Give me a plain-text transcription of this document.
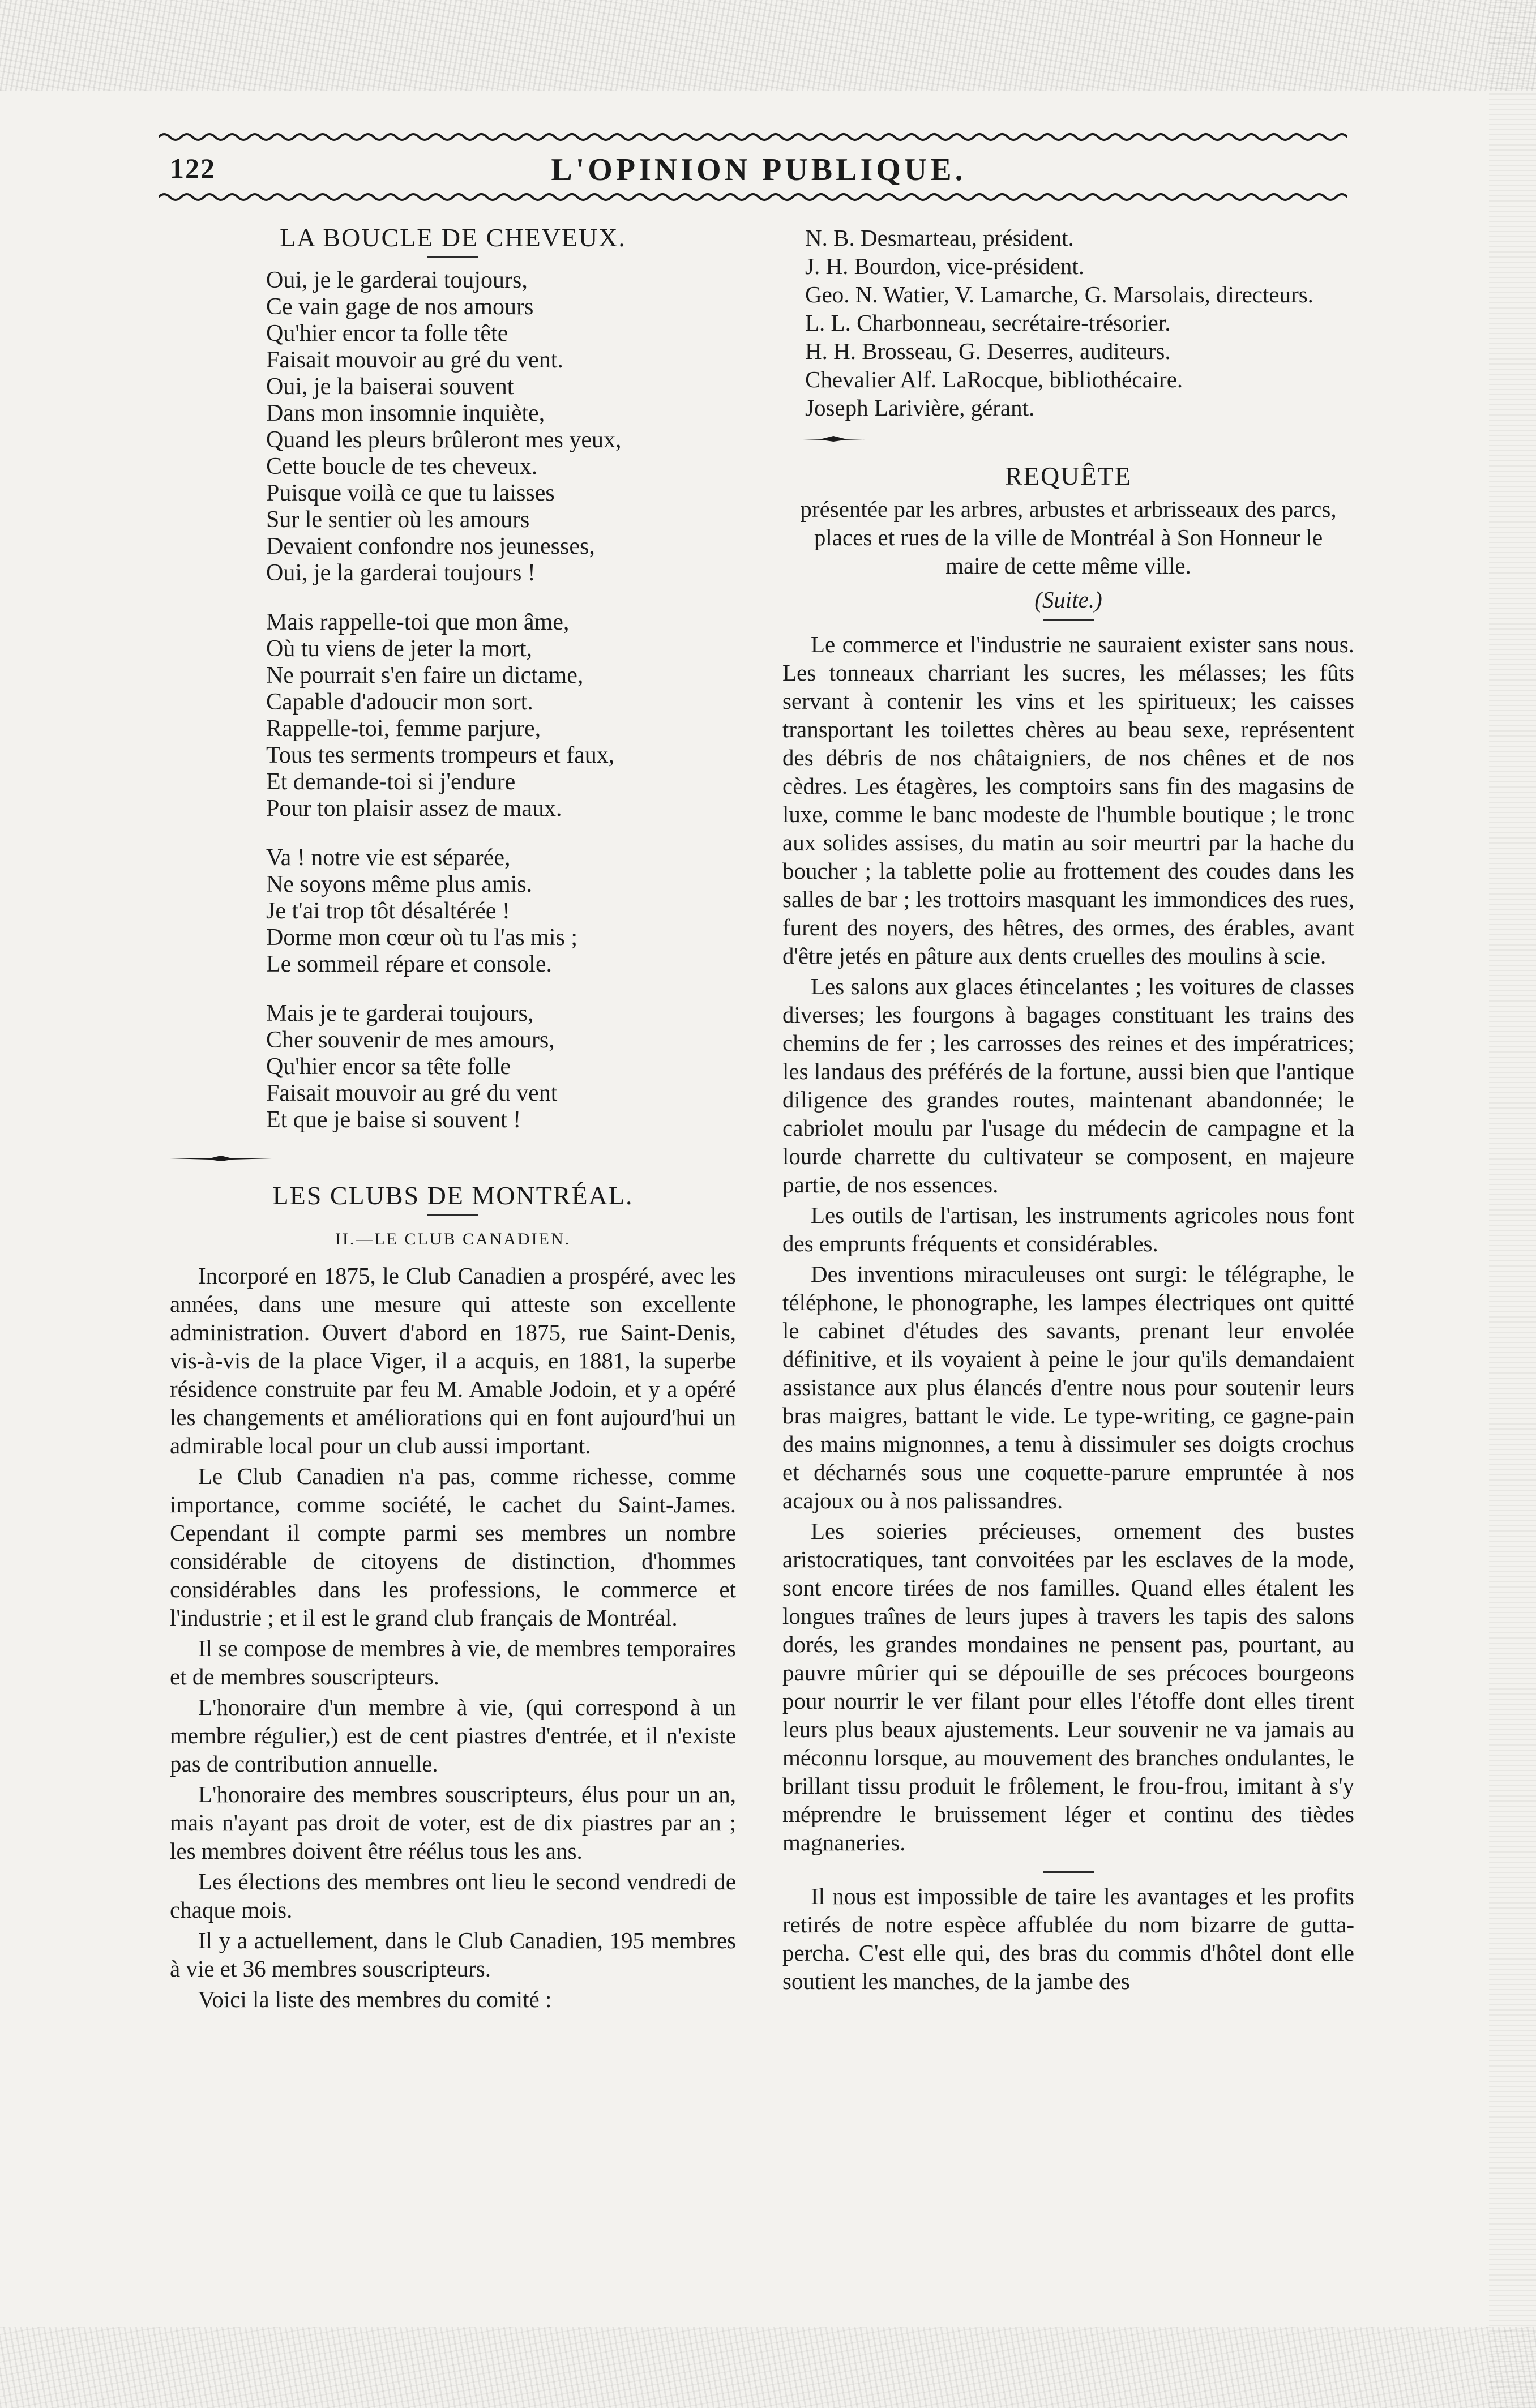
122	L'OPINION PUBLIQUE.
LA BOUCLE DE CHEVEUX.
Oui, je le garderai toujours,
Ce vain gage de nos amours
Qu'hier encor ta folle tête
Faisait mouvoir au gré du vent.
Oui, je la baiserai souvent
Dans mon insomnie inquiète,
Quand les pleurs brûleront mes yeux,
Cette boucle de tes cheveux.
Puisque voilà ce que tu laisses
Sur le sentier où les amours
Devaient confondre nos jeunesses,
Oui, je la garderai toujours !
Mais rappelle-toi que mon âme,
Où tu viens de jeter la mort,
Ne pourrait s'en faire un dictame,
Capable d'adoucir mon sort.
Rappelle-toi, femme parjure,
Tous tes serments trompeurs et faux,
Et demande-toi si j'endure
Pour ton plaisir assez de maux.
Va ! notre vie est séparée,
Ne soyons même plus amis.
Je t'ai trop tôt désaltérée !
Dorme mon cœur où tu l'as mis ;
Le sommeil répare et console.
Mais je te garderai toujours,
Cher souvenir de mes amours,
Qu'hier encor sa tête folle
Faisait mouvoir au gré du vent
Et que je baise si souvent !
LES CLUBS DE MONTRÉAL.
II.—LE CLUB CANADIEN.

Incorporé en 1875, le Club Canadien a prospéré, avec les années, dans une mesure qui atteste son excellente administration. Ouvert d'abord en 1875, rue Saint-Denis, vis-à-vis de la place Viger, il a acquis, en 1881, la superbe résidence construite par feu M. Amable Jodoin, et y a opéré les changements et améliorations qui en font aujourd'hui un admirable local pour un club aussi important.

Le Club Canadien n'a pas, comme richesse, comme importance, comme société, le cachet du Saint-James. Cependant il compte parmi ses membres un nombre considérable de citoyens de distinction, d'hommes considérables dans les professions, le commerce et l'industrie ; et il est le grand club français de Montréal.

Il se compose de membres à vie, de membres temporaires et de membres souscripteurs.

L'honoraire d'un membre à vie, (qui correspond à un membre régulier,) est de cent piastres d'entrée, et il n'existe pas de contribution annuelle.

L'honoraire des membres souscripteurs, élus pour un an, mais n'ayant pas droit de voter, est de dix piastres par an ; les membres doivent être réélus tous les ans.

Les élections des membres ont lieu le second vendredi de chaque mois.

Il y a actuellement, dans le Club Canadien, 195 membres à vie et 36 membres souscripteurs.

Voici la liste des membres du comité :

N. B. Desmarteau, président.
J. H. Bourdon, vice-président.
Geo. N. Watier, V. Lamarche, G. Marsolais, directeurs.
L. L. Charbonneau, secrétaire-trésorier.
H. H. Brosseau, G. Deserres, auditeurs.
Chevalier Alf. LaRocque, bibliothécaire.
Joseph Larivière, gérant.
REQUÊTE
présentée par les arbres, arbustes et arbrisseaux des parcs, places et rues de la ville de Montréal à Son Honneur le maire de cette même ville.
(Suite.)

Le commerce et l'industrie ne sauraient exister sans nous. Les tonneaux charriant les sucres, les mélasses; les fûts servant à contenir les vins et les spiritueux; les caisses transportant les toilettes chères au beau sexe, représentent des débris de nos châtaigniers, de nos chênes et de nos cèdres. Les étagères, les comptoirs sans fin des magasins de luxe, comme le banc modeste de l'humble boutique ; le tronc aux solides assises, du matin au soir meurtri par la hache du boucher ; la tablette polie au frottement des coudes dans les salles de bar ; les trottoirs masquant les immondices des rues, furent des noyers, des hêtres, des ormes, des érables, avant d'être jetés en pâture aux dents cruelles des moulins à scie.

Les salons aux glaces étincelantes ; les voitures de classes diverses; les fourgons à bagages constituant les trains des chemins de fer ; les carrosses des reines et des impératrices; les landaus des préférés de la fortune, aussi bien que l'antique diligence des grandes routes, maintenant abandonnée; le cabriolet moulu par l'usage du médecin de campagne et la lourde charrette du cultivateur se composent, en majeure partie, de nos essences.

Les outils de l'artisan, les instruments agricoles nous font des emprunts fréquents et considérables.

Des inventions miraculeuses ont surgi: le télégraphe, le téléphone, le phonographe, les lampes électriques ont quitté le cabinet d'études des savants, prenant leur envolée définitive, et ils voyaient à peine le jour qu'ils demandaient assistance aux plus élancés d'entre nous pour soutenir leurs bras maigres, battant le vide. Le type-writing, ce gagne-pain des mains mignonnes, a tenu à dissimuler ses doigts crochus et décharnés sous une coquette-parure empruntée à nos acajoux ou à nos palissandres.

Les soieries précieuses, ornement des bustes aristocratiques, tant convoitées par les esclaves de la mode, sont encore tirées de nos familles. Quand elles étalent les longues traînes de leurs jupes à travers les tapis des salons dorés, les grandes mondaines ne pensent pas, pourtant, au pauvre mûrier qui se dépouille de ses précoces bourgeons pour nourrir le ver filant pour elles l'étoffe dont elles tirent leurs plus beaux ajustements. Leur souvenir ne va jamais au méconnu lorsque, au mouvement des branches ondulantes, le brillant tissu produit le frôlement, le frou-frou, imitant à s'y méprendre le bruissement léger et continu des tièdes magnaneries.

Il nous est impossible de taire les avantages et les profits retirés de notre espèce affublée du nom bizarre de gutta-percha. C'est elle qui, des bras du commis d'hôtel dont elle soutient les manches, de la jambe des
